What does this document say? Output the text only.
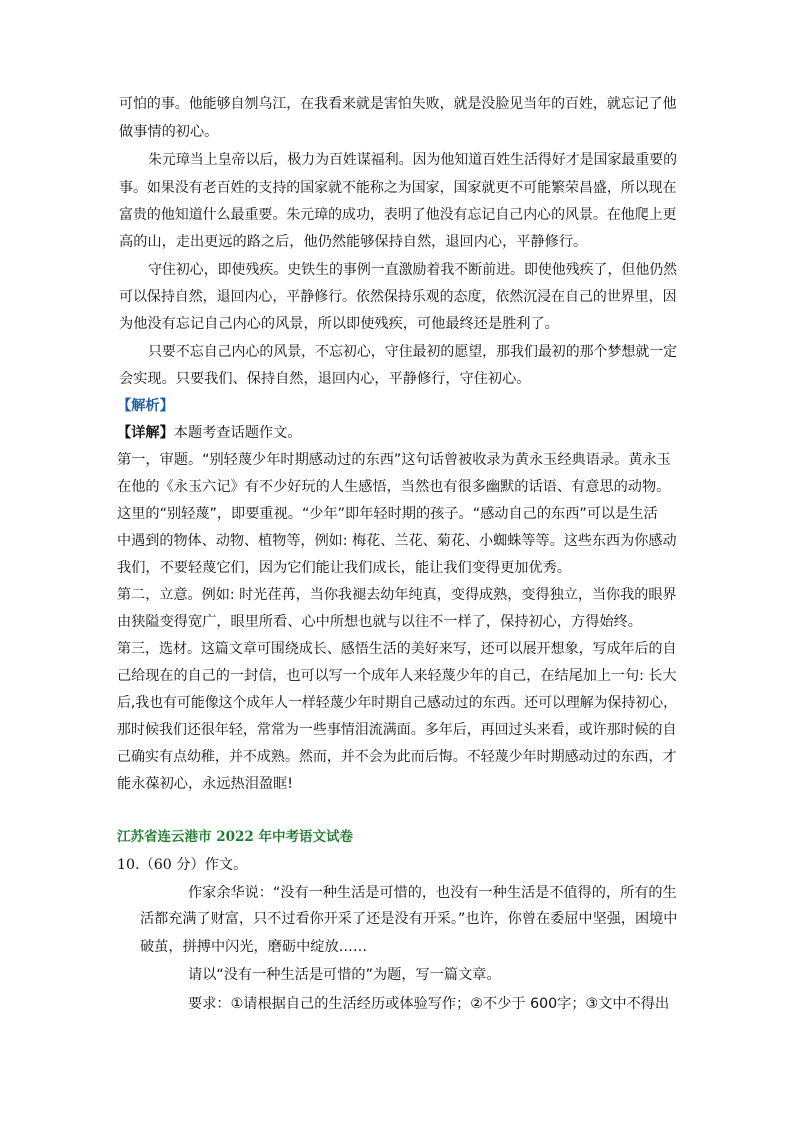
可怕的事。他能够自刎乌江，在我看来就是害怕失败，就是没脸见当年的百姓，就忘记了他
做事情的初心。
朱元璋当上皇帝以后，极力为百姓谋福利。因为他知道百姓生活得好才是国家最重要的
事。如果没有老百姓的支持的国家就不能称之为国家，国家就更不可能繁荣昌盛，所以现在
富贵的他知道什么最重要。朱元璋的成功，表明了他没有忘记自己内心的风景。在他爬上更
高的山，走出更远的路之后，他仍然能够保持自然，退回内心，平静修行。
守住初心，即使残疾。史铁生的事例一直激励着我不断前进。即使他残疾了，但他仍然
可以保持自然，退回内心，平静修行。依然保持乐观的态度，依然沉浸在自己的世界里，因
为他没有忘记自己内心的风景，所以即使残疾，可他最终还是胜利了。
只要不忘自己内心的风景，不忘初心，守住最初的愿望，那我们最初的那个梦想就一定
会实现。只要我们、保持自然，退回内心，平静修行，守住初心。
【解析】
【详解】本题考查话题作文。
第一，审题。“别轻蔑少年时期感动过的东西”这句话曾被收录为黄永玉经典语录。黄永玉
在他的《永玉六记》有不少好玩的人生感悟，当然也有很多幽默的话语、有意思的动物。
这里的“别轻蔑”，即要重视。“少年”即年轻时期的孩子。“感动自己的东西”可以是生活
中遇到的物体、动物、植物等，例如: 梅花、兰花、菊花、小蜘蛛等等。这些东西为你感动
我们，不要轻蔑它们，因为它们能让我们成长，能让我们变得更加优秀。
第二，立意。例如: 时光荏苒，当你我褪去幼年纯真，变得成熟，变得独立，当你我的眼界
由狭隘变得宽广，眼里所看、心中所想也就与以往不一样了，保持初心，方得始终。
第三，选材。这篇文章可围绕成长、感悟生活的美好来写，还可以展开想象，写成年后的自
己给现在的自己的一封信，也可以写一个成年人来轻蔑少年的自己，在结尾加上一句: 长大
后,我也有可能像这个成年人一样轻蔑少年时期自己感动过的东西。还可以理解为保持初心，
那时候我们还很年轻，常常为一些事情泪流满面。多年后，再回过头来看，或许那时候的自
己确实有点幼稚，并不成熟。然而，并不会为此而后悔。不轻蔑少年时期感动过的东西，才
能永葆初心，永远热泪盈眶!
江苏省连云港市 2022 年中考语文试卷
10.（60 分）作文。
作家余华说：“没有一种生活是可惜的，也没有一种生活是不值得的，所有的生
活都充满了财富，只不过看你开采了还是没有开采。”也许，你曾在委屈中坚强，困境中
破茧，拼搏中闪光，磨砺中绽放……
请以“没有一种生活是可惜的”为题，写一篇文章。
要求：①请根据自己的生活经历或体验写作；②不少于 600字；③文中不得出
